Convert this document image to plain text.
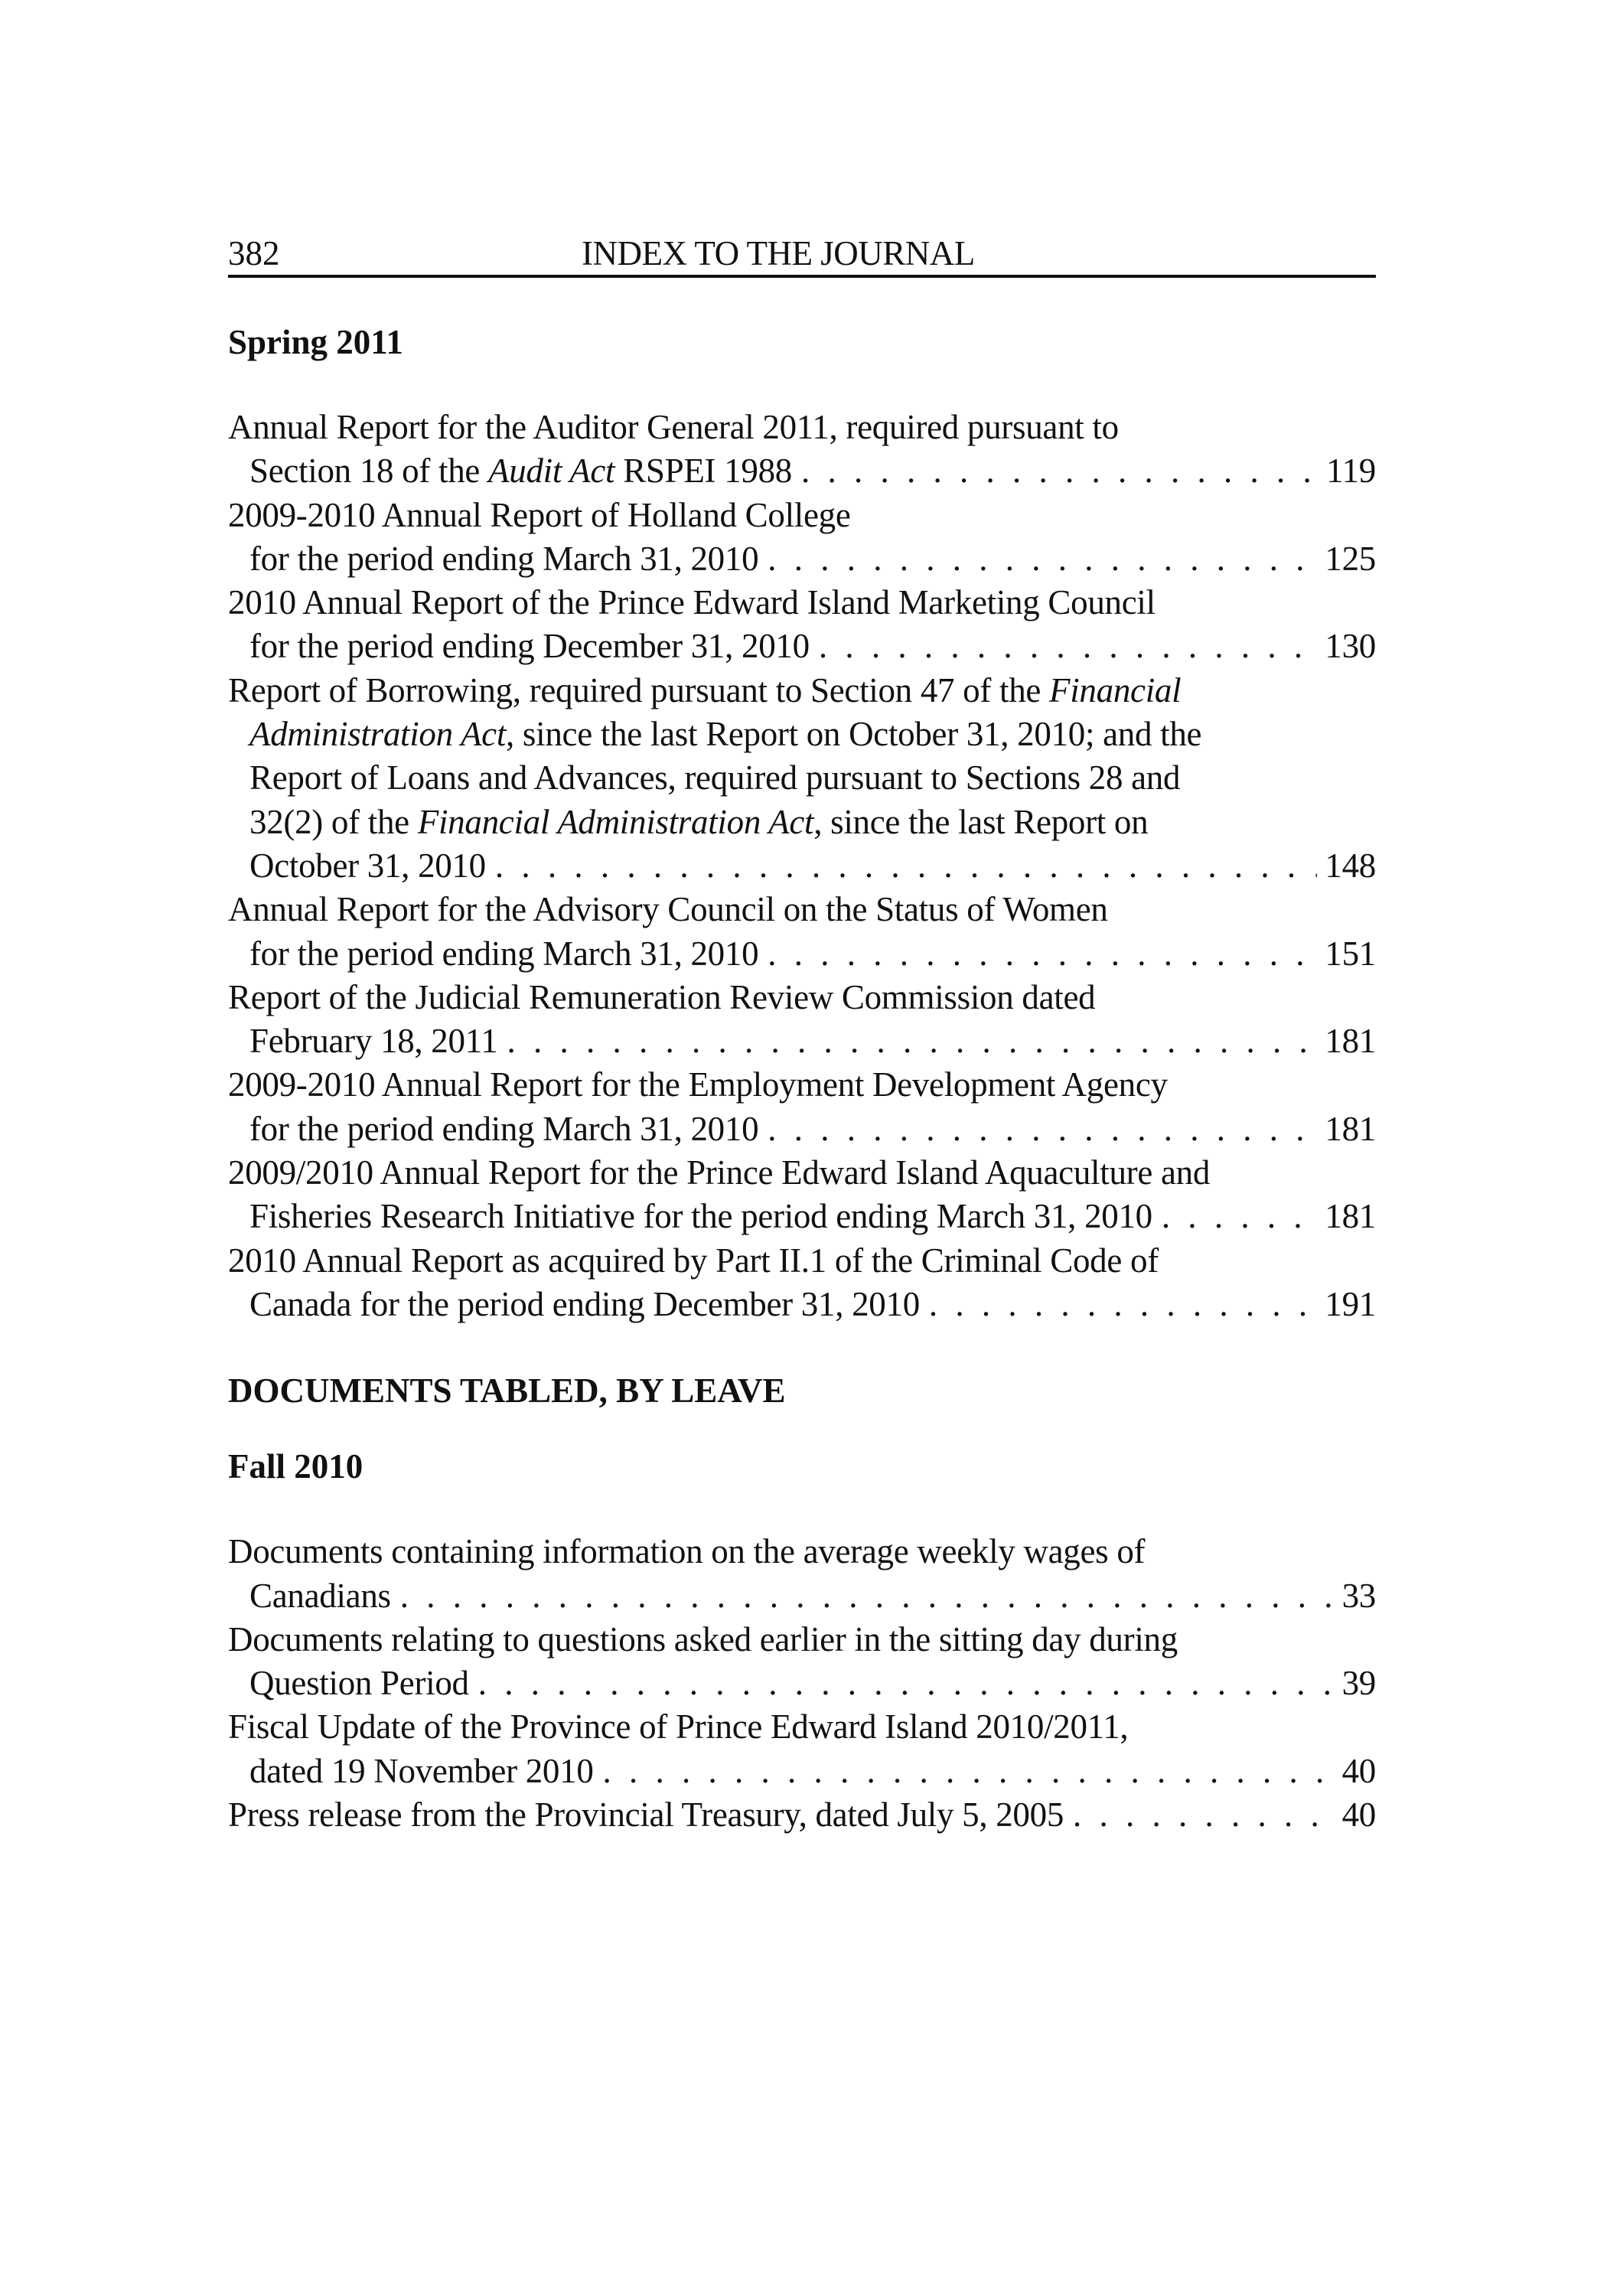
382	INDEX TO THE JOURNAL

Spring 2011

Annual Report for the Auditor General 2011, required pursuant to
Section 18 of the Audit Act RSPEI 1988 . . .	119
2009-2010 Annual Report of Holland College
for the period ending March 31, 2010 . . .	125
2010 Annual Report of the Prince Edward Island Marketing Council
for the period ending December 31, 2010 . . .	130
Report of Borrowing, required pursuant to Section 47 of the Financial
Administration Act, since the last Report on October 31, 2010; and the
Report of Loans and Advances, required pursuant to Sections 28 and
32(2) of the Financial Administration Act, since the last Report on
October 31, 2010 . . .	148
Annual Report for the Advisory Council on the Status of Women
for the period ending March 31, 2010 . . .	151
Report of the Judicial Remuneration Review Commission dated
February 18, 2011 . . .	181
2009-2010 Annual Report for the Employment Development Agency
for the period ending March 31, 2010 . . .	181
2009/2010 Annual Report for the Prince Edward Island Aquaculture and
Fisheries Research Initiative for the period ending March 31, 2010 . . .	181
2010 Annual Report as acquired by Part II.1 of the Criminal Code of
Canada for the period ending December 31, 2010 . . .	191

DOCUMENTS TABLED, BY LEAVE

Fall 2010

Documents containing information on the average weekly wages of
Canadians . . .	33
Documents relating to questions asked earlier in the sitting day during
Question Period . . .	39
Fiscal Update of the Province of Prince Edward Island 2010/2011,
dated 19 November 2010 . . .	40
Press release from the Provincial Treasury, dated July 5, 2005 . . .	40
